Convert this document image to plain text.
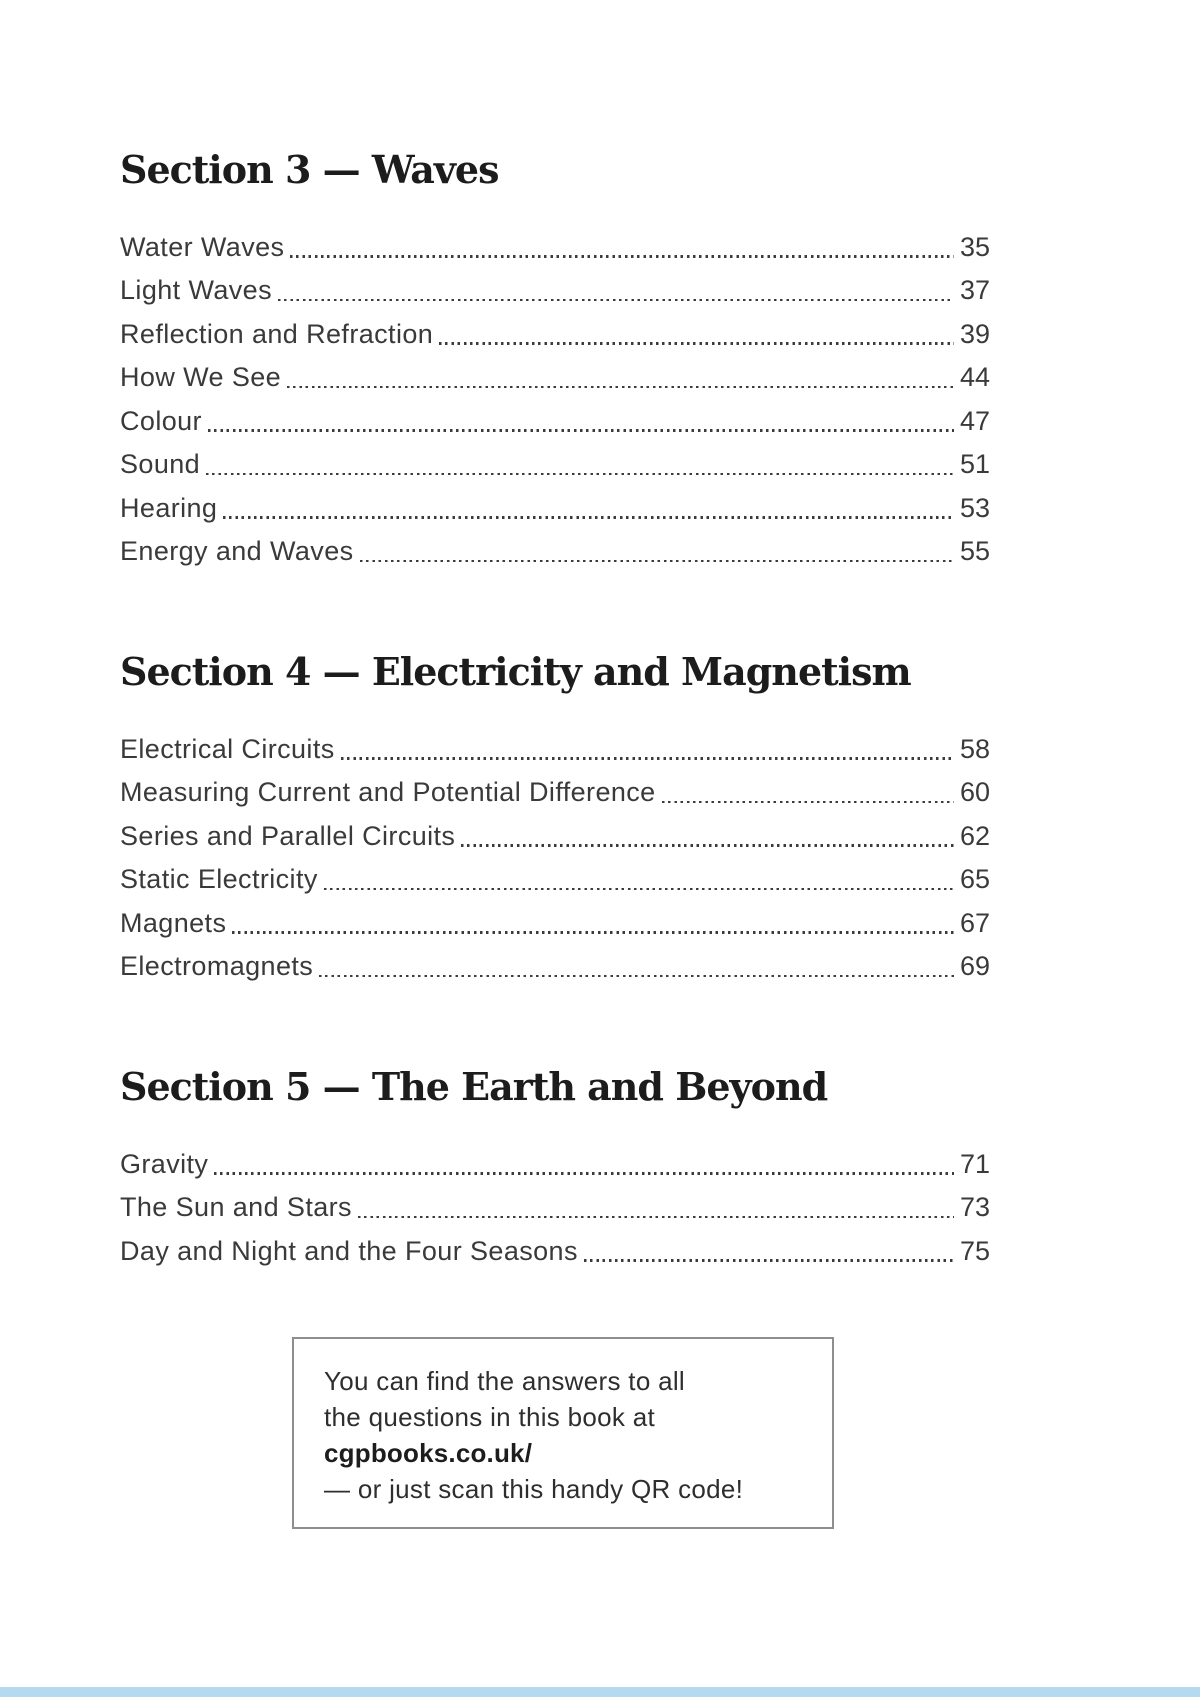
Section 3 — Waves
Water Waves	35
Light Waves	37
Reflection and Refraction	39
How We See	44
Colour	47
Sound	51
Hearing	53
Energy and Waves	55
Section 4 — Electricity and Magnetism
Electrical Circuits	58
Measuring Current and Potential Difference	60
Series and Parallel Circuits	62
Static Electricity	65
Magnets	67
Electromagnets	69
Section 5 — The Earth and Beyond
Gravity	71
The Sun and Stars	73
Day and Night and the Four Seasons	75
You can find the answers to all
the questions in this book at
cgpbooks.co.uk/
— or just scan this handy QR code!
